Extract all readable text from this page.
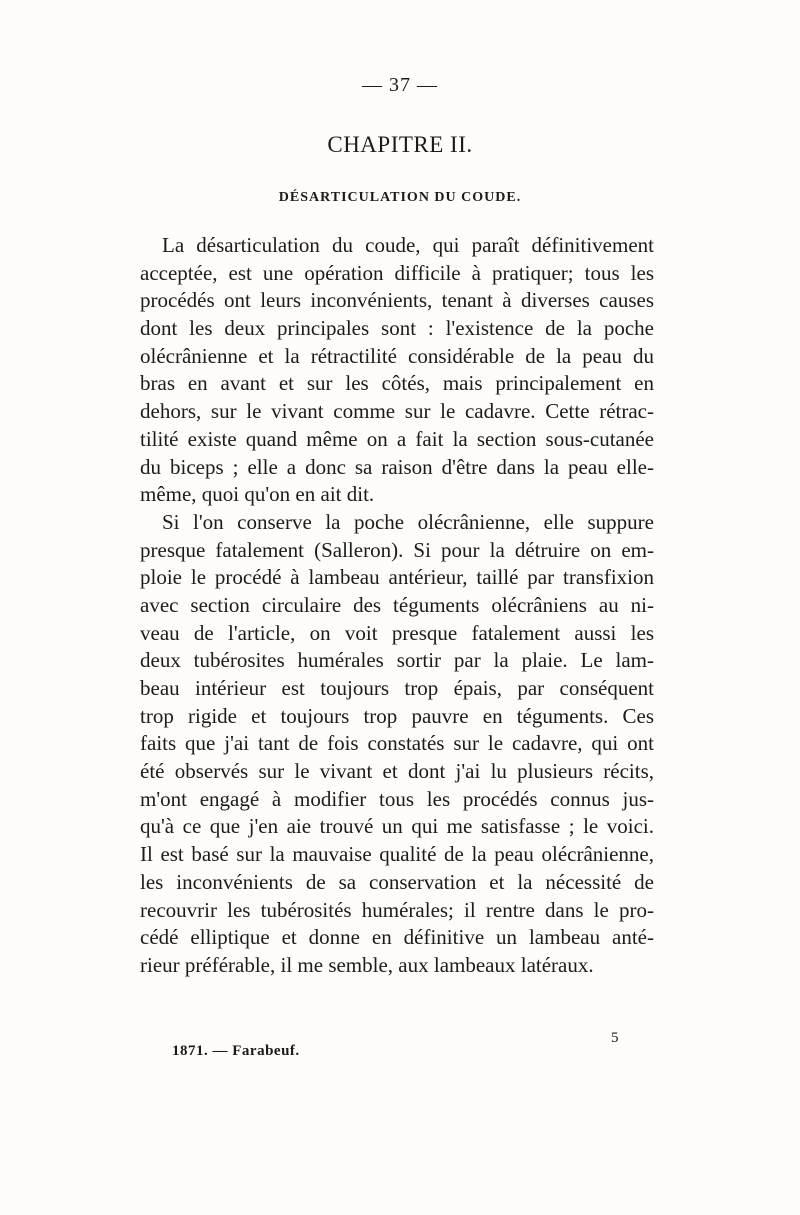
— 37 —
CHAPITRE II.
DÉSARTICULATION DU COUDE.
La désarticulation du coude, qui paraît définitivement
acceptée, est une opération difficile à pratiquer; tous les
procédés ont leurs inconvénients, tenant à diverses causes
dont les deux principales sont : l'existence de la poche
olécrânienne et la rétractilité considérable de la peau du
bras en avant et sur les côtés, mais principalement en
dehors, sur le vivant comme sur le cadavre. Cette rétrac-
tilité existe quand même on a fait la section sous-cutanée
du biceps ; elle a donc sa raison d'être dans la peau elle-
même, quoi qu'on en ait dit.
Si l'on conserve la poche olécrânienne, elle suppure
presque fatalement (Salleron). Si pour la détruire on em-
ploie le procédé à lambeau antérieur, taillé par transfixion
avec section circulaire des téguments olécrâniens au ni-
veau de l'article, on voit presque fatalement aussi les
deux tubérosites humérales sortir par la plaie. Le lam-
beau intérieur est toujours trop épais, par conséquent
trop rigide et toujours trop pauvre en téguments. Ces
faits que j'ai tant de fois constatés sur le cadavre, qui ont
été observés sur le vivant et dont j'ai lu plusieurs récits,
m'ont engagé à modifier tous les procédés connus jus-
qu'à ce que j'en aie trouvé un qui me satisfasse ; le voici.
Il est basé sur la mauvaise qualité de la peau olécrânienne,
les inconvénients de sa conservation et la nécessité de
recouvrir les tubérosités humérales; il rentre dans le pro-
cédé elliptique et donne en définitive un lambeau anté-
rieur préférable, il me semble, aux lambeaux latéraux.
1871. — Farabeuf.
5
